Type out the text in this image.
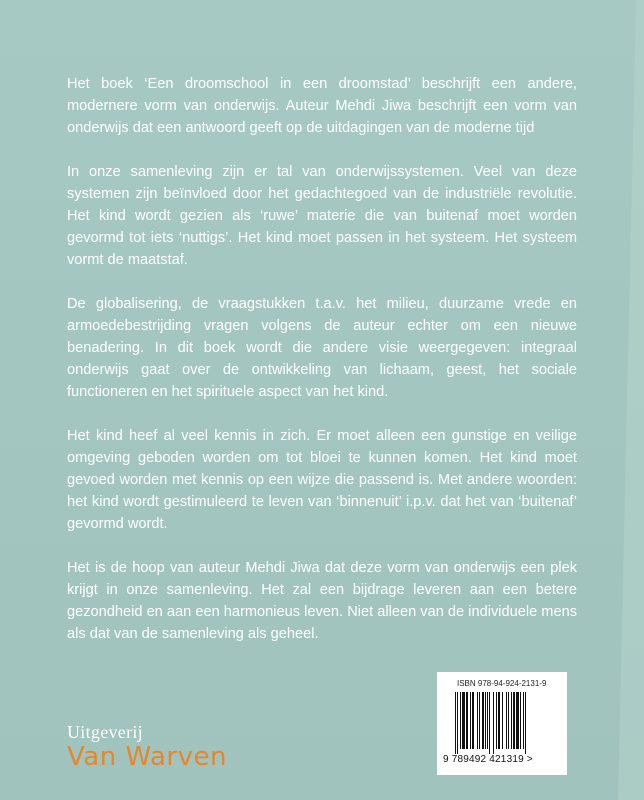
Het boek ‘Een droomschool in een droomstad’ beschrijft een andere, modernere vorm van onderwijs. Auteur Mehdi Jiwa beschrijft een vorm van onderwijs dat een antwoord geeft op de uitdagingen van de moderne tijd

In onze samenleving zijn er tal van onderwijssystemen. Veel van deze systemen zijn beïnvloed door het gedachtegoed van de industriële revolutie. Het kind wordt gezien als ‘ruwe’ materie die van buitenaf moet worden gevormd tot iets ‘nuttigs’. Het kind moet passen in het systeem. Het systeem vormt de maatstaf.

De globalisering, de vraagstukken t.a.v. het milieu, duurzame vrede en armoedebestrijding vragen volgens de auteur echter om een nieuwe benadering. In dit boek wordt die andere visie weergegeven: integraal onderwijs gaat over de ontwikkeling van lichaam, geest, het sociale functioneren en het spirituele aspect van het kind.

Het kind heef al veel kennis in zich. Er moet alleen een gunstige en veilige omgeving geboden worden om tot bloei te kunnen komen. Het kind moet gevoed worden met kennis op een wijze die passend is. Met andere woorden: het kind wordt gestimuleerd te leven van ‘binnenuit’ i.p.v. dat het van ‘buitenaf’ gevormd wordt.

Het is de hoop van auteur Mehdi Jiwa dat deze vorm van onderwijs een plek krijgt in onze samenleving. Het zal een bijdrage leveren aan een betere gezondheid en aan een harmonieus leven. Niet alleen van de individuele mens als dat van de samenleving als geheel.

Uitgeverij
Van Warven
ISBN 978-94-924-2131-9
9 789492 421319 >
